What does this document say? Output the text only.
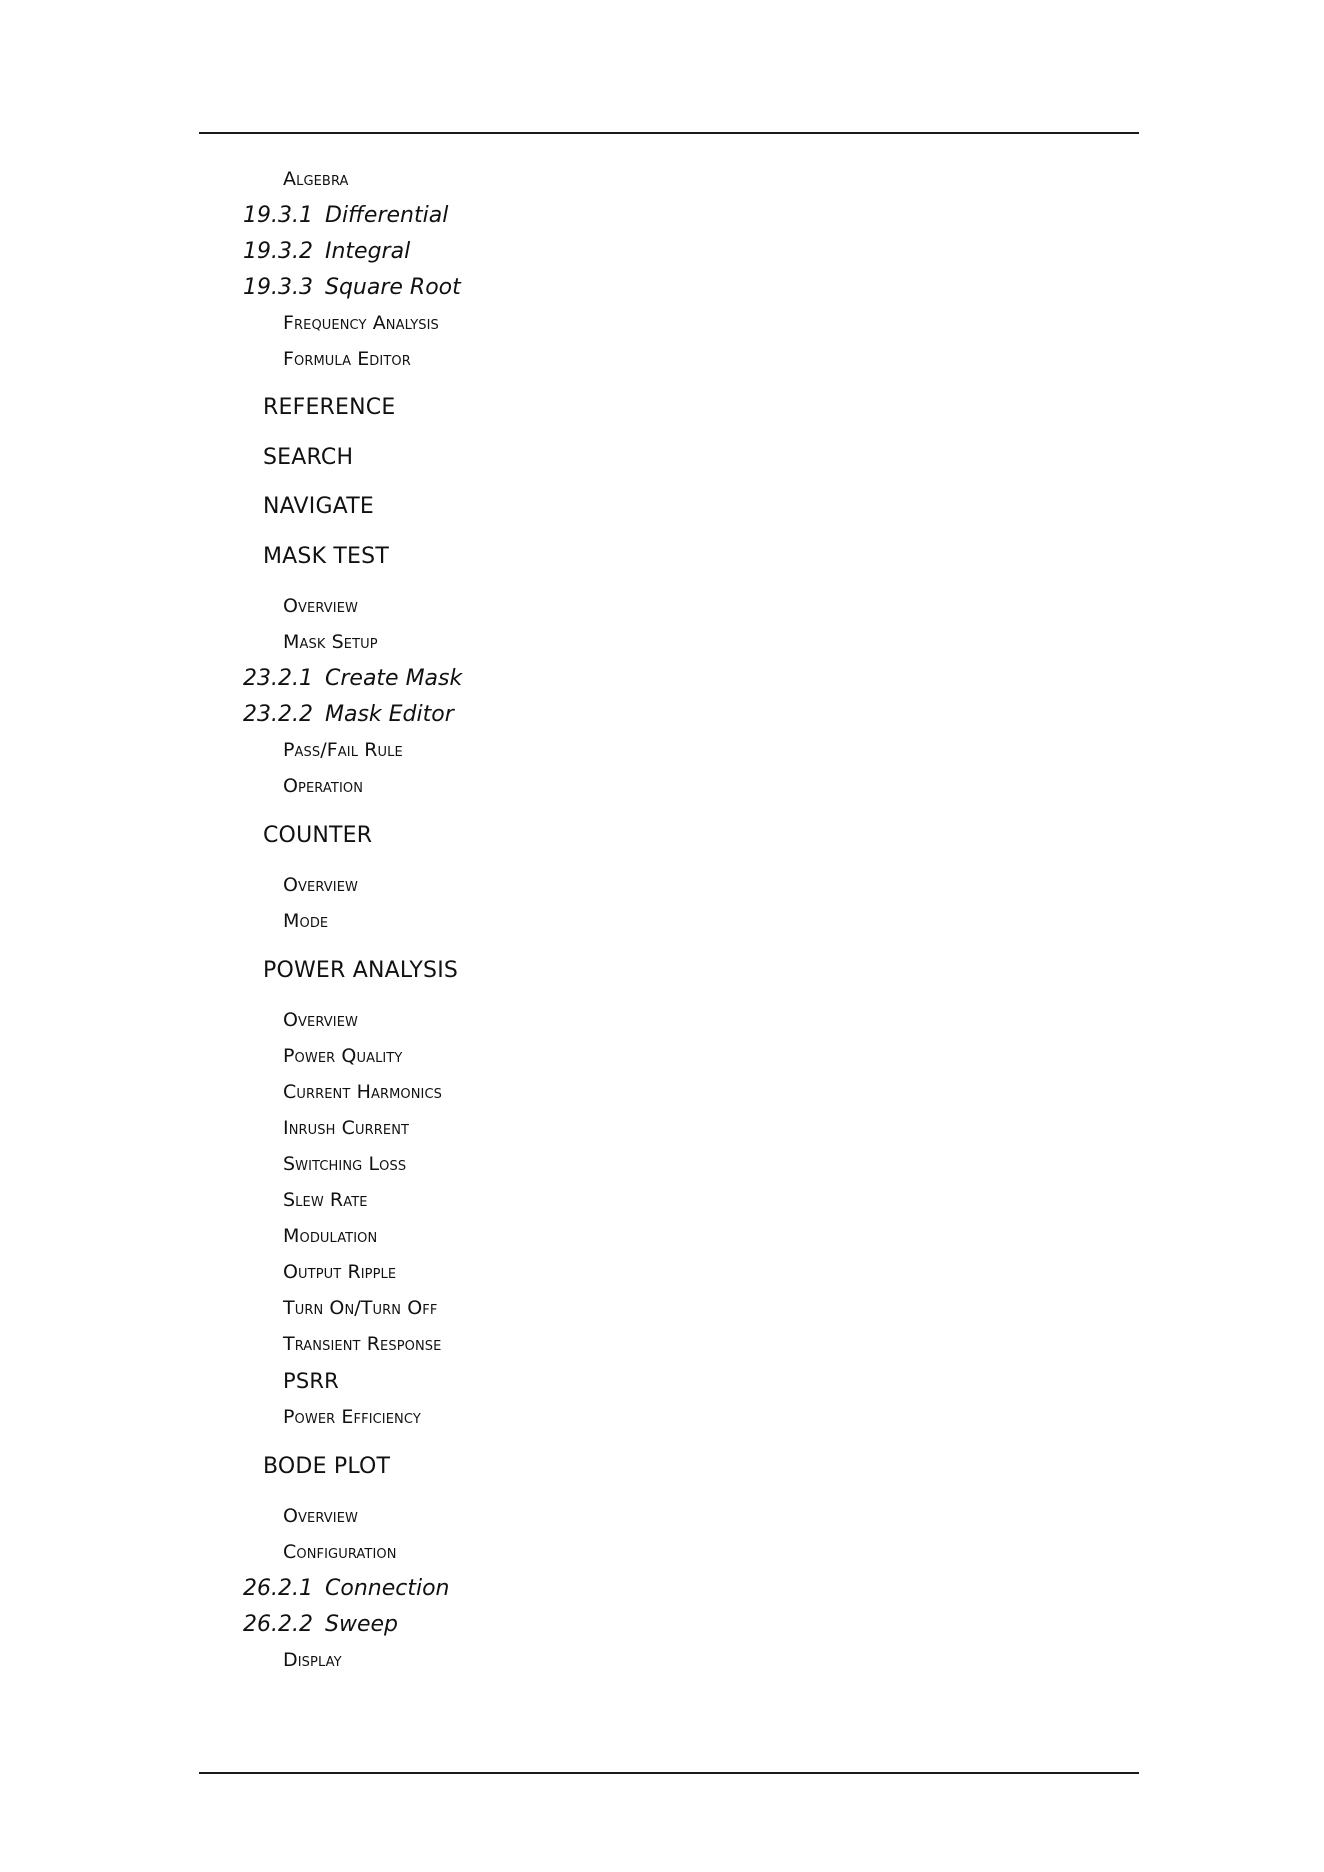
Algebra
19.3.1 Differential
19.3.2 Integral
19.3.3 Square Root
Frequency Analysis
Formula Editor
REFERENCE
SEARCH
NAVIGATE
MASK TEST
Overview
Mask Setup
23.2.1 Create Mask
23.2.2 Mask Editor
Pass/Fail Rule
Operation
COUNTER
Overview
Mode
POWER ANALYSIS
Overview
Power Quality
Current Harmonics
Inrush Current
Switching Loss
Slew Rate
Modulation
Output Ripple
Turn On/Turn Off
Transient Response
PSRR
Power Efficiency
BODE PLOT
Overview
Configuration
26.2.1 Connection
26.2.2 Sweep
Display
